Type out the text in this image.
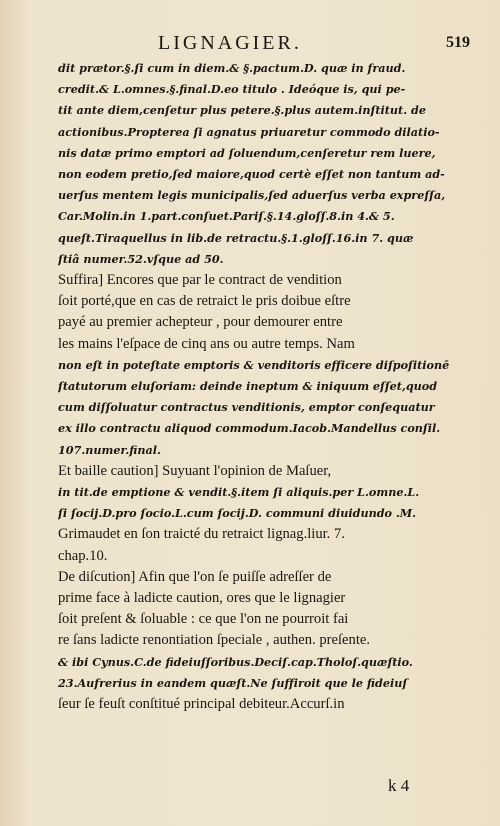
LIGNAGIER.	519
dit prætor.§.ſi cum in diem.& §.pactum.D. quæ in fraud.
credit.& L.omnes.§.final.D.eo titulo . Ideóque is, qui pe-
tit ante diem,cenſetur plus petere.§.plus autem.inſtitut. de
actionibus.Propterea ſi agnatus priuaretur commodo dilatio-
nis datæ primo emptori ad ſoluendum,cenſeretur rem luere,
non eodem pretio,ſed maiore,quod certè eſſet non tantum ad-
uerſus mentem legis municipalis,ſed aduerſus verba expreſſa,
Car.Molin.in 1.part.conſuet.Pariſ.§.14.gloſſ.8.in 4.& 5.
queſt.Tiraquellus in lib.de retractu.§.1.gloſſ.16.in 7. quæ
ſtiâ numer.52.vſque ad 50.
Suffira] Encores que par le contract de vendition
ſoit porté,que en cas de retraict le pris doibue eſtre
payé au premier achepteur , pour demourer entre
les mains l'eſpace de cinq ans ou autre temps. Nam
non eſt in poteſtate emptoris & venditoris efficere diſpoſitionē
ſtatutorum eluſoriam: deinde ineptum & iniquum eſſet,quod
cum diſſoluatur contractus venditionis, emptor conſequatur
ex illo contractu aliquod commodum.Iacob.Mandellus conſil.
107.numer.final.
Et baille caution] Suyuant l'opinion de Maſuer,
in tit.de emptione & vendit.§.item ſi aliquis.per L.omne.L.
ſi ſocij.D.pro ſocio.L.cum ſocij.D. communi diuidundo .M.
Grimaudet en ſon traicté du retraict lignag.liur. 7.
chap.10.
De diſcution] Afin que l'on ſe puiſſe adreſſer de
prime face à ladicte caution, ores que le lignagier
ſoit preſent & ſoluable : ce que l'on ne pourroit fai
re ſans ladicte renontiation ſpeciale , authen. preſente.
& ibi Cynus.C.de fideiuſſoribus.Deciſ.cap.Tholoſ.quæſtio.
23.Aufrerius in eandem quæſt.Ne ſuffiroit que le fideiuſ
ſeur ſe feuſt conſtitué principal debiteur.Accurſ.in
k 4
